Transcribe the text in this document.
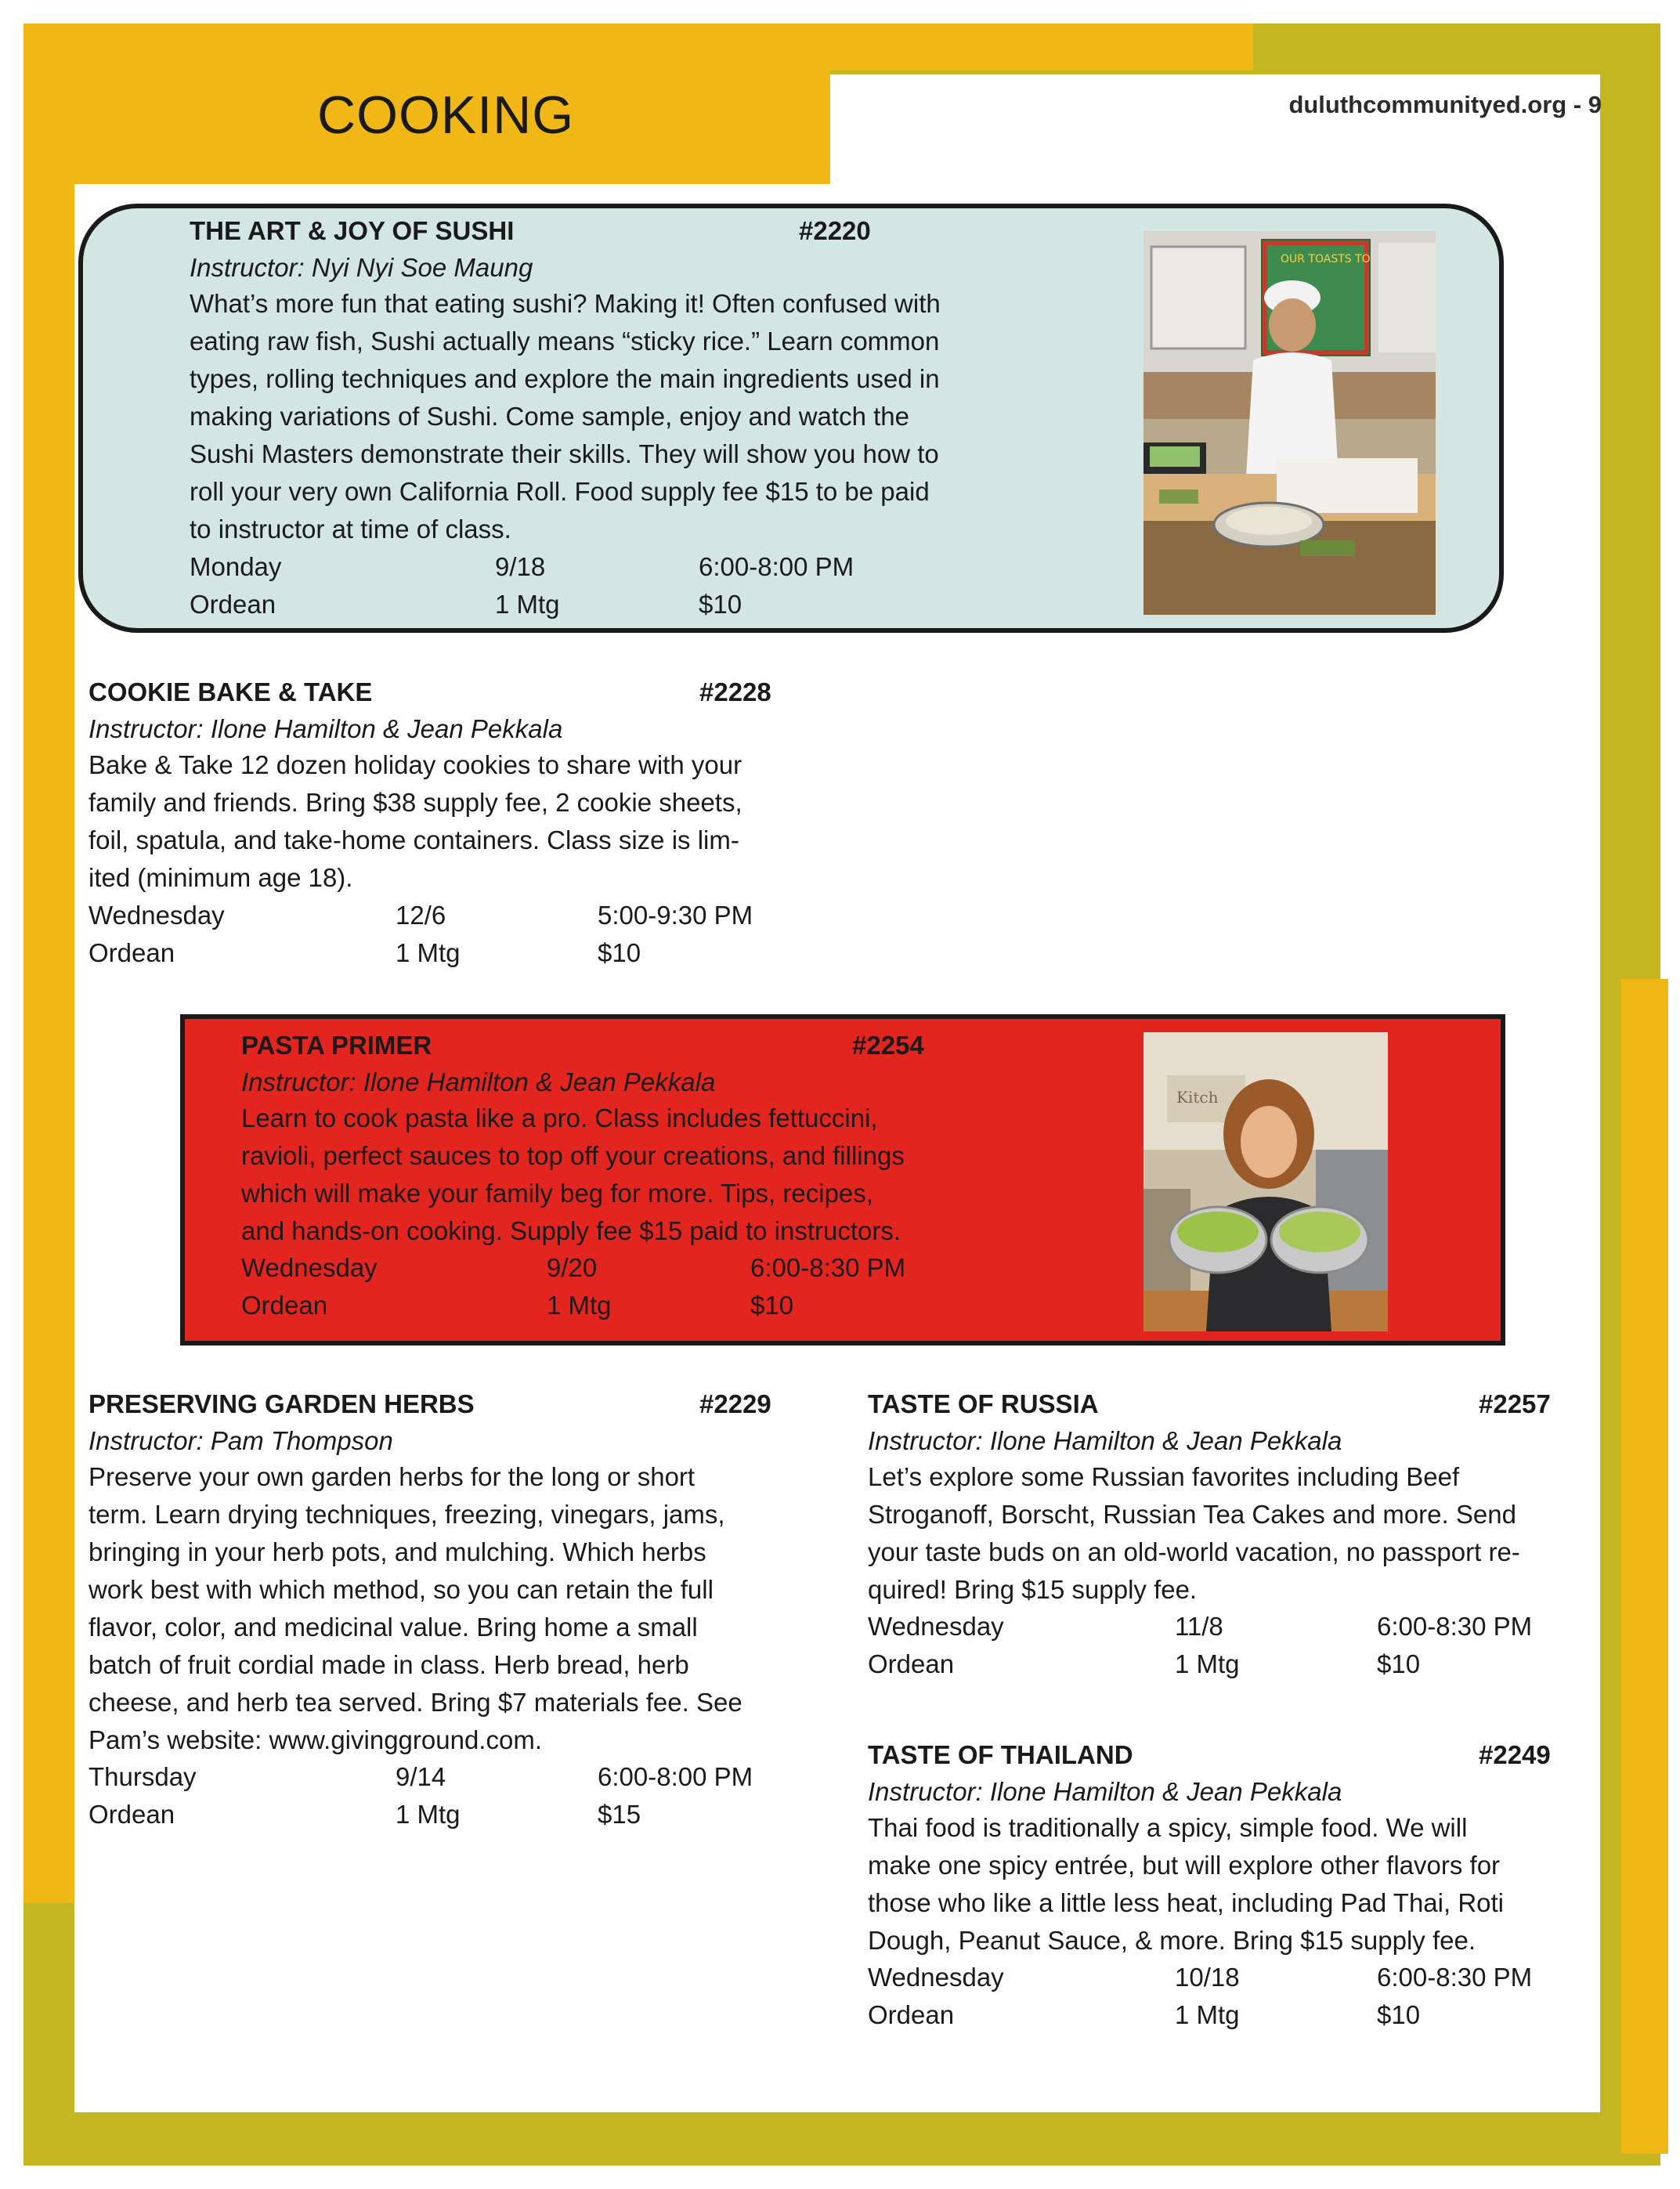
COOKING	duluthcommunityed.org - 9
THE ART & JOY OF SUSHI	#2220
Instructor: Nyi Nyi Soe Maung
What’s more fun that eating sushi? Making it! Often confused with
eating raw fish, Sushi actually means “sticky rice.” Learn common
types, rolling techniques and explore the main ingredients used in
making variations of Sushi. Come sample, enjoy and watch the
Sushi Masters demonstrate their skills. They will show you how to
roll your very own California Roll. Food supply fee $15 to be paid
to instructor at time of class.
Monday	9/18	6:00-8:00 PM
Ordean	1 Mtg	$10
OUR TOASTS TO
COOKIE BAKE & TAKE	#2228
Instructor: Ilone Hamilton & Jean Pekkala
Bake & Take 12 dozen holiday cookies to share with your
family and friends. Bring $38 supply fee, 2 cookie sheets,
foil, spatula, and take-home containers. Class size is lim-
ited (minimum age 18).
Wednesday	12/6	5:00-9:30 PM
Ordean	1 Mtg	$10
PASTA PRIMER	#2254
Instructor: Ilone Hamilton & Jean Pekkala
Learn to cook pasta like a pro. Class includes fettuccini,
ravioli, perfect sauces to top off your creations, and fillings
which will make your family beg for more. Tips, recipes,
and hands-on cooking. Supply fee $15 paid to instructors.
Wednesday	9/20	6:00-8:30 PM
Ordean	1 Mtg	$10
Kitch
PRESERVING GARDEN HERBS	#2229
Instructor: Pam Thompson
Preserve your own garden herbs for the long or short
term. Learn drying techniques, freezing, vinegars, jams,
bringing in your herb pots, and mulching. Which herbs
work best with which method, so you can retain the full
flavor, color, and medicinal value. Bring home a small
batch of fruit cordial made in class. Herb bread, herb
cheese, and herb tea served. Bring $7 materials fee. See
Pam’s website: www.givingground.com.
Thursday	9/14	6:00-8:00 PM
Ordean	1 Mtg	$15
TASTE OF RUSSIA	#2257
Instructor: Ilone Hamilton & Jean Pekkala
Let’s explore some Russian favorites including Beef
Stroganoff, Borscht, Russian Tea Cakes and more. Send
your taste buds on an old-world vacation, no passport re-
quired! Bring $15 supply fee.
Wednesday	11/8	6:00-8:30 PM
Ordean	1 Mtg	$10
TASTE OF THAILAND	#2249
Instructor: Ilone Hamilton & Jean Pekkala
Thai food is traditionally a spicy, simple food. We will
make one spicy entrée, but will explore other flavors for
those who like a little less heat, including Pad Thai, Roti
Dough, Peanut Sauce, & more. Bring $15 supply fee.
Wednesday	10/18	6:00-8:30 PM
Ordean	1 Mtg	$10
